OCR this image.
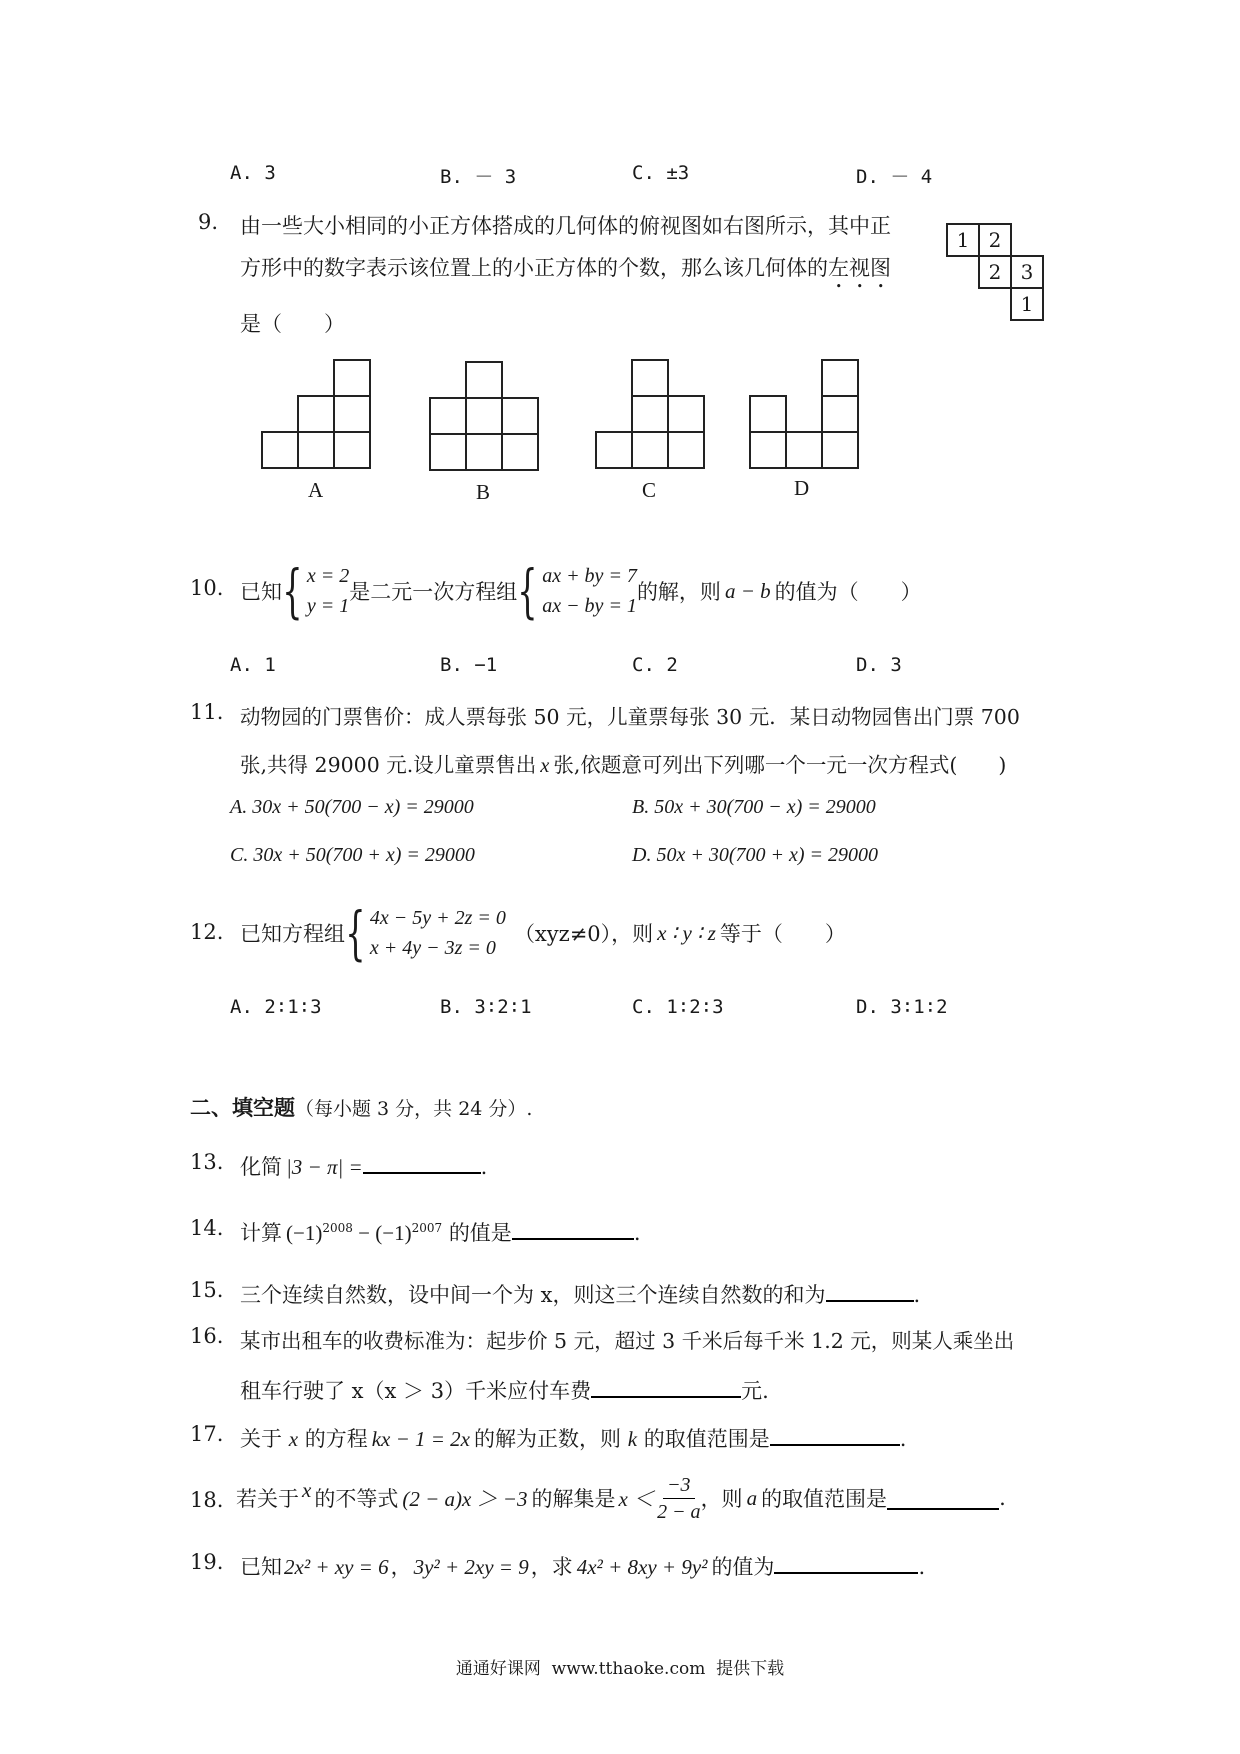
A. 3	B. － 3	C. ±3	D. － 4
9. 由一些大小相同的小正方体搭成的几何体的俯视图如右图所示，其中正
方形中的数字表示该位置上的小正方体的个数，那么该几何体的左视图
是（　　）
1 2
2 3
1
A	B	C	D
10. 已知 { x = 2
y = 1
是二元一次方程组 { ax + by = 7
ax − by = 1
的解，则 a − b 的值为（　　）
A. 1	B. −1	C. 2	D. 3
11. 动物园的门票售价：成人票每张 50 元，儿童票每张 30 元．某日动物园售出门票 700
张,共得 29000 元.设儿童票售出 x 张,依题意可列出下列哪一个一元一次方程式(　　)
A. 30x + 50(700 − x) = 29000	B. 50x + 30(700 − x) = 29000
C. 30x + 50(700 + x) = 29000	D. 50x + 30(700 + x) = 29000
12. 已知方程组 { 4x − 5y + 2z = 0
x + 4y − 3z = 0
（xyz≠0），则 x ∶ y ∶ z 等于（　　）
A. 2∶1∶3	B. 3∶2∶1	C. 1∶2∶3	D. 3∶1∶2
二、填空题（每小题 3 分，共 24 分）.
13. 化简 |3 − π| =	.
14. 计算 $(-1)^{2008} - (-1)^{2007}$ 的值是	.
15. 三个连续自然数，设中间一个为 x，则这三个连续自然数的和为	.
16. 某市出租车的收费标准为：起步价 5 元，超过 3 千米后每千米 1.2 元，则某人乘坐出
租车行驶了 x（x ＞ 3）千米应付车费	元.
17. 关于 x 的方程 kx − 1 = 2x 的解为正数，则 k 的取值范围是	.
18. 若关于 x 的不等式 (2 − a)x ＞ −3 的解集是 $x < \frac{-3}{2 - a}$ ，则 a 的取值范围是	.
19. 已知2x² + xy = 6，3y² + 2xy = 9，求 4x² + 8xy + 9y² 的值为	.
通通好课网  www.tthaoke.com  提供下载
